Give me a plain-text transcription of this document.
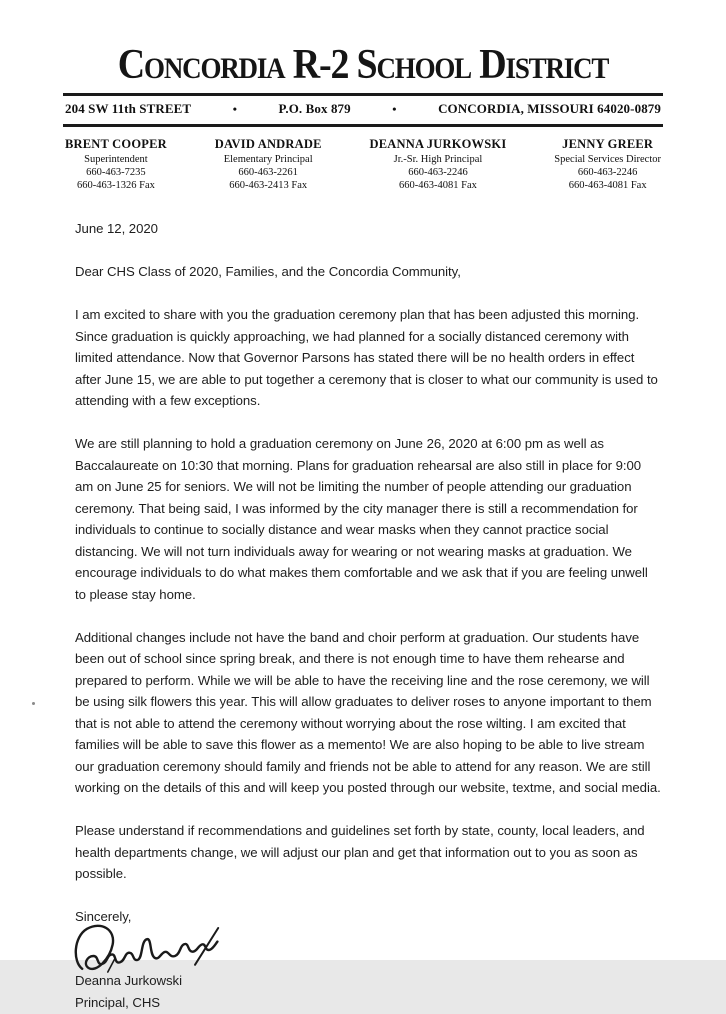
Concordia R-2 School District
204 SW 11th STREET	•	P.O. Box 879	•	CONCORDIA, MISSOURI 64020-0879
BRENT COOPER
Superintendent
660-463-7235
660-463-1326 Fax
DAVID ANDRADE
Elementary Principal
660-463-2261
660-463-2413 Fax
DEANNA JURKOWSKI
Jr.-Sr. High Principal
660-463-2246
660-463-4081 Fax
JENNY GREER
Special Services Director
660-463-2246
660-463-4081 Fax

June 12, 2020

Dear CHS Class of 2020, Families, and the Concordia Community,

I am excited to share with you the graduation ceremony plan that has been adjusted this morning. Since graduation is quickly approaching, we had planned for a socially distanced ceremony with limited attendance. Now that Governor Parsons has stated there will be no health orders in effect after June 15, we are able to put together a ceremony that is closer to what our community is used to attending with a few exceptions.

We are still planning to hold a graduation ceremony on June 26, 2020 at 6:00 pm as well as Baccalaureate on 10:30 that morning. Plans for graduation rehearsal are also still in place for 9:00 am on June 25 for seniors. We will not be limiting the number of people attending our graduation ceremony. That being said, I was informed by the city manager there is still a recommendation for individuals to continue to socially distance and wear masks when they cannot practice social distancing. We will not turn individuals away for wearing or not wearing masks at graduation. We encourage individuals to do what makes them comfortable and we ask that if you are feeling unwell to please stay home.

Additional changes include not have the band and choir perform at graduation. Our students have been out of school since spring break, and there is not enough time to have them rehearse and prepared to perform. While we will be able to have the receiving line and the rose ceremony, we will be using silk flowers this year. This will allow graduates to deliver roses to anyone important to them that is not able to attend the ceremony without worrying about the rose wilting. I am excited that families will be able to save this flower as a memento! We are also hoping to be able to live stream our graduation ceremony should family and friends not be able to attend for any reason. We are still working on the details of this and will keep you posted through our website, textme, and social media.

Please understand if recommendations and guidelines set forth by state, county, local leaders, and health departments change, we will adjust our plan and get that information out to you as soon as possible.

Sincerely,

Deanna Jurkowski

Principal, CHS
